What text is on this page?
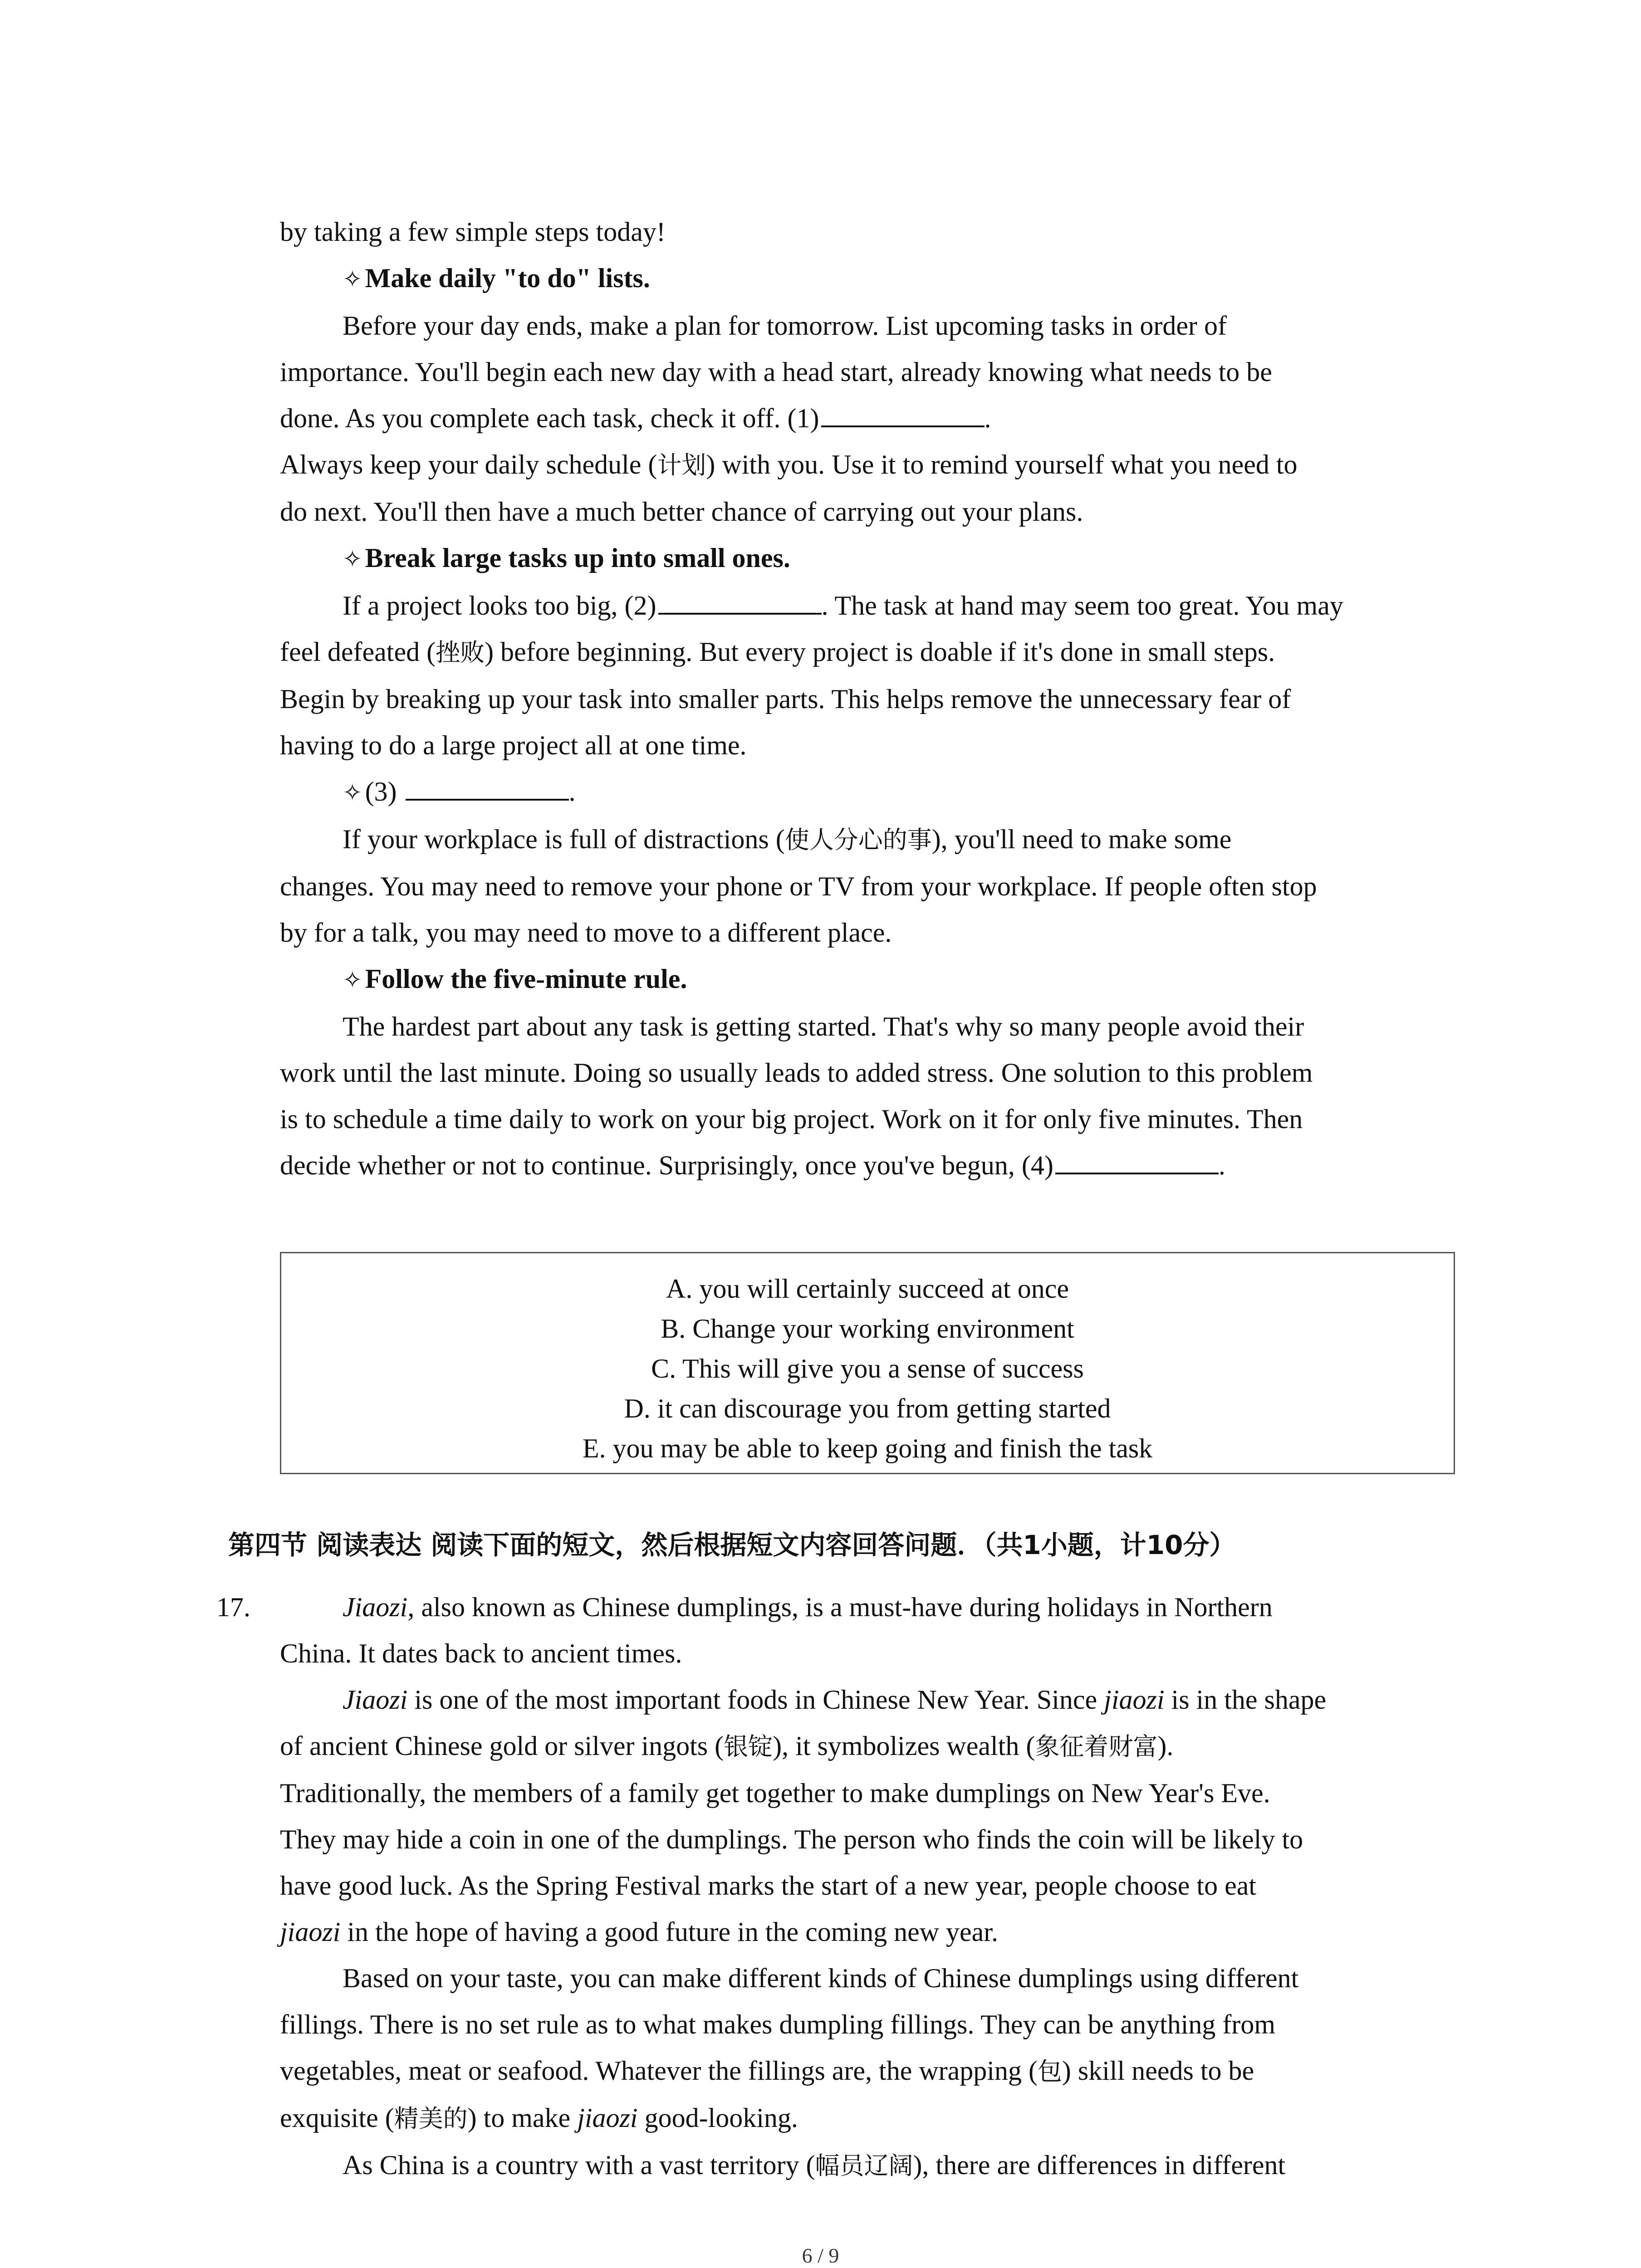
by taking a few simple steps today!
✧ Make daily "to do" lists.
Before your day ends, make a plan for tomorrow. List upcoming tasks in order of
importance. You'll begin each new day with a head start, already knowing what needs to be
done. As you complete each task, check it off. (1)	.
Always keep your daily schedule (计划) with you. Use it to remind yourself what you need to
do next. You'll then have a much better chance of carrying out your plans.
✧ Break large tasks up into small ones.
If a project looks too big, (2)	. The task at hand may seem too great. You may
feel defeated (挫败) before beginning. But every project is doable if it's done in small steps.
Begin by breaking up your task into smaller parts. This helps remove the unnecessary fear of
having to do a large project all at one time.
✧ (3)	.
If your workplace is full of distractions (使人分心的事), you'll need to make some
changes. You may need to remove your phone or TV from your workplace. If people often stop
by for a talk, you may need to move to a different place.
✧ Follow the five-minute rule.
The hardest part about any task is getting started. That's why so many people avoid their
work until the last minute. Doing so usually leads to added stress. One solution to this problem
is to schedule a time daily to work on your big project. Work on it for only five minutes. Then
decide whether or not to continue. Surprisingly, once you've begun, (4)	.
A. you will certainly succeed at once
B. Change your working environment
C. This will give you a sense of success
D. it can discourage you from getting started
E. you may be able to keep going and finish the task
第四节 阅读表达 阅读下面的短文，然后根据短文内容回答问题．（共1小题，计10分）
17.	Jiaozi, also known as Chinese dumplings, is a must-have during holidays in Northern
China. It dates back to ancient times.
Jiaozi is one of the most important foods in Chinese New Year. Since jiaozi is in the shape
of ancient Chinese gold or silver ingots (银锭), it symbolizes wealth (象征着财富).
Traditionally, the members of a family get together to make dumplings on New Year's Eve.
They may hide a coin in one of the dumplings. The person who finds the coin will be likely to
have good luck. As the Spring Festival marks the start of a new year, people choose to eat
jiaozi in the hope of having a good future in the coming new year.
Based on your taste, you can make different kinds of Chinese dumplings using different
fillings. There is no set rule as to what makes dumpling fillings. They can be anything from
vegetables, meat or seafood. Whatever the fillings are, the wrapping (包) skill needs to be
exquisite (精美的) to make jiaozi good-looking.
As China is a country with a vast territory (幅员辽阔), there are differences in different
6 / 9
